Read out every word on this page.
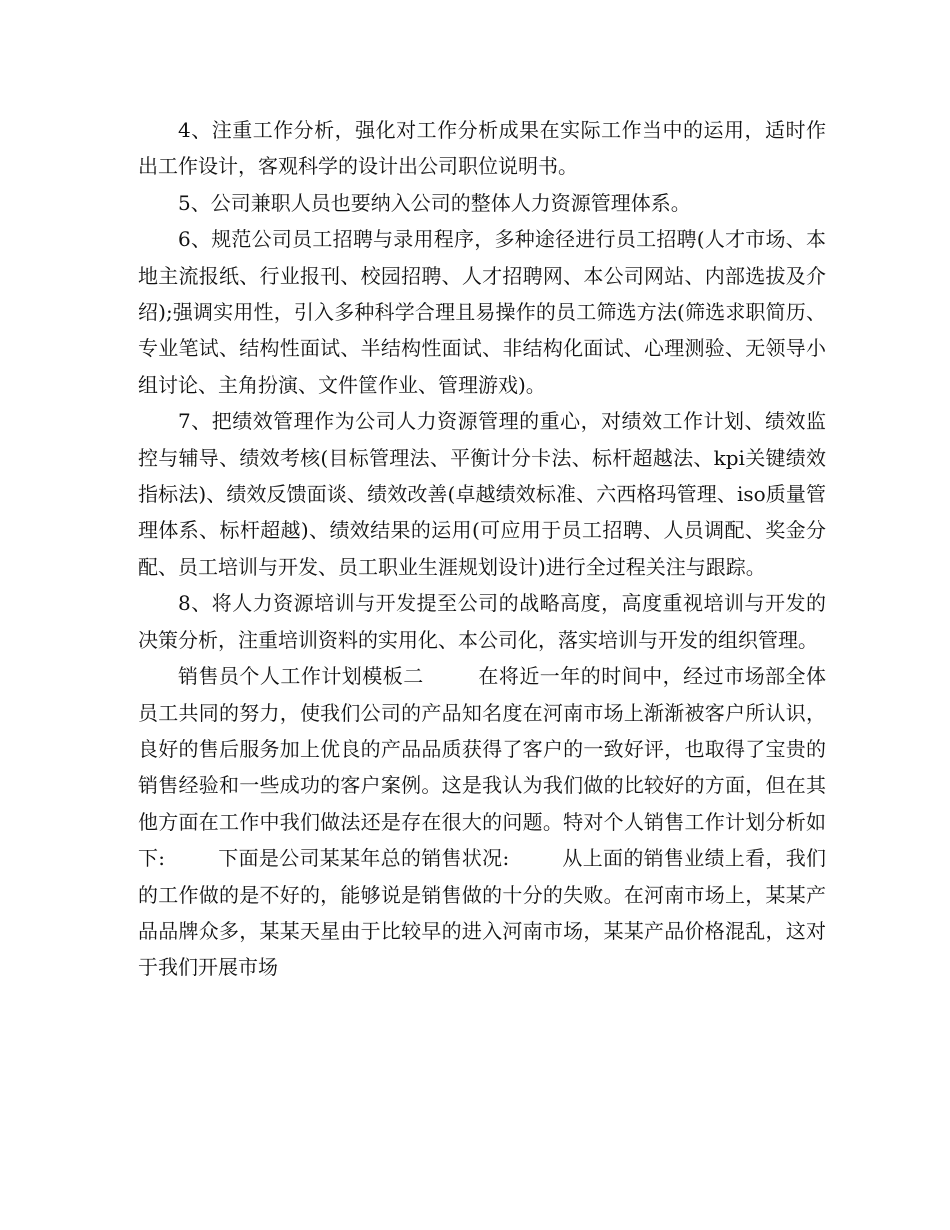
4、注重工作分析，强化对工作分析成果在实际工作当中的运用，适时作出工作设计，客观科学的设计出公司职位说明书。

5、公司兼职人员也要纳入公司的整体人力资源管理体系。

6、规范公司员工招聘与录用程序，多种途径进行员工招聘(人才市场、本地主流报纸、行业报刊、校园招聘、人才招聘网、本公司网站、内部选拔及介绍);强调实用性，引入多种科学合理且易操作的员工筛选方法(筛选求职简历、专业笔试、结构性面试、半结构性面试、非结构化面试、心理测验、无领导小组讨论、主角扮演、文件筐作业、管理游戏)。

7、把绩效管理作为公司人力资源管理的重心，对绩效工作计划、绩效监控与辅导、绩效考核(目标管理法、平衡计分卡法、标杆超越法、kpi关键绩效指标法)、绩效反馈面谈、绩效改善(卓越绩效标准、六西格玛管理、iso质量管理体系、标杆超越)、绩效结果的运用(可应用于员工招聘、人员调配、奖金分配、员工培训与开发、员工职业生涯规划设计)进行全过程关注与跟踪。

8、将人力资源培训与开发提至公司的战略高度，高度重视培训与开发的决策分析，注重培训资料的实用化、本公司化，落实培训与开发的组织管理。

销售员个人工作计划模板二        在将近一年的时间中，经过市场部全体员工共同的努力，使我们公司的产品知名度在河南市场上渐渐被客户所认识，良好的售后服务加上优良的产品品质获得了客户的一致好评，也取得了宝贵的销售经验和一些成功的客户案例。这是我认为我们做的比较好的方面，但在其他方面在工作中我们做法还是存在很大的问题。特对个人销售工作计划分析如下:        下面是公司某某年总的销售状况:        从上面的销售业绩上看，我们的工作做的是不好的，能够说是销售做的十分的失败。在河南市场上，某某产品品牌众多，某某天星由于比较早的进入河南市场，某某产品价格混乱，这对于我们开展市场
